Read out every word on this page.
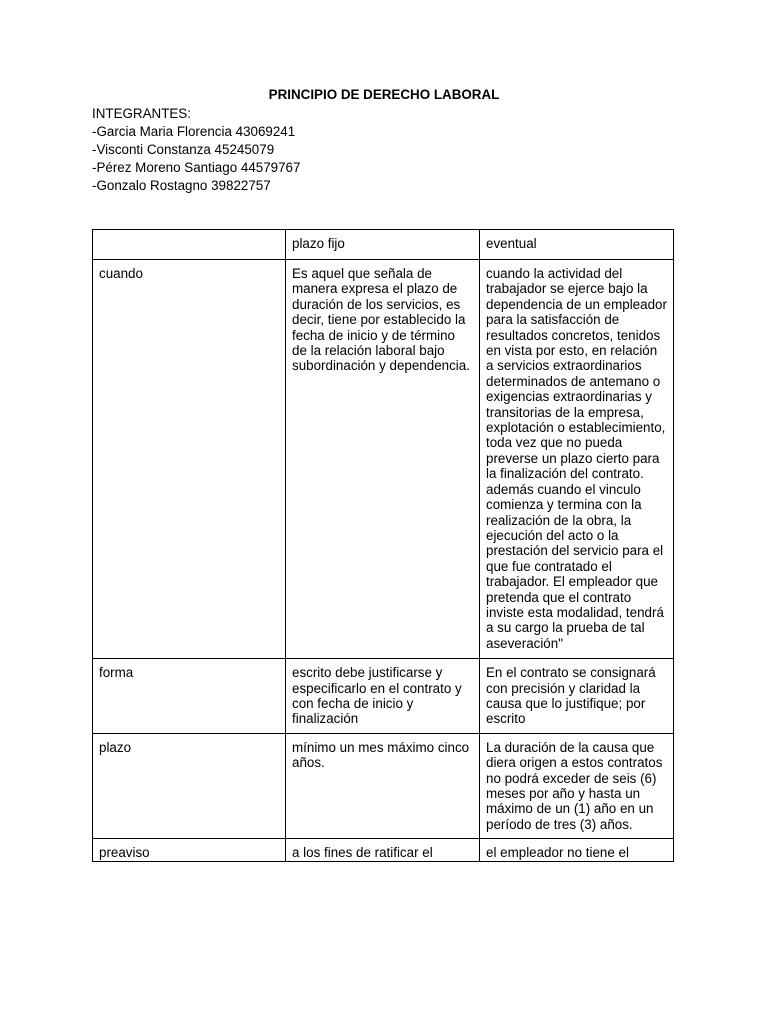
PRINCIPIO DE DERECHO LABORAL
INTEGRANTES:
-Garcia Maria Florencia 43069241
-Visconti Constanza 45245079
-Pérez Moreno Santiago 44579767
-Gonzalo Rostagno 39822757
	plazo fijo	eventual
cuando	Es aquel que señala de manera expresa el plazo de duración de los servicios, es decir, tiene por establecido la fecha de inicio y de término de la relación laboral bajo subordinación y dependencia.	cuando la actividad del trabajador se ejerce bajo la dependencia de un empleador para la satisfacción de resultados concretos, tenidos en vista por esto, en relación a servicios extraordinarios determinados de antemano o exigencias extraordinarias y transitorias de la empresa, explotación o establecimiento, toda vez que no pueda preverse un plazo cierto para la finalización del contrato. además cuando el vinculo comienza y termina con la realización de la obra, la ejecución del acto o la prestación del servicio para el que fue contratado el trabajador. El empleador que pretenda que el contrato inviste esta modalidad, tendrá a su cargo la prueba de tal aseveración"
forma	escrito debe justificarse y especificarlo en el contrato y con fecha de inicio y finalización	En el contrato se consignará con precisión y claridad la causa que lo justifique; por escrito
plazo	mínimo un mes máximo cinco años.	La duración de la causa que diera origen a estos contratos no podrá exceder de seis (6) meses por año y hasta un máximo de un (1) año en un período de tres (3) años.
preaviso	a los fines de ratificar el	el empleador no tiene el
